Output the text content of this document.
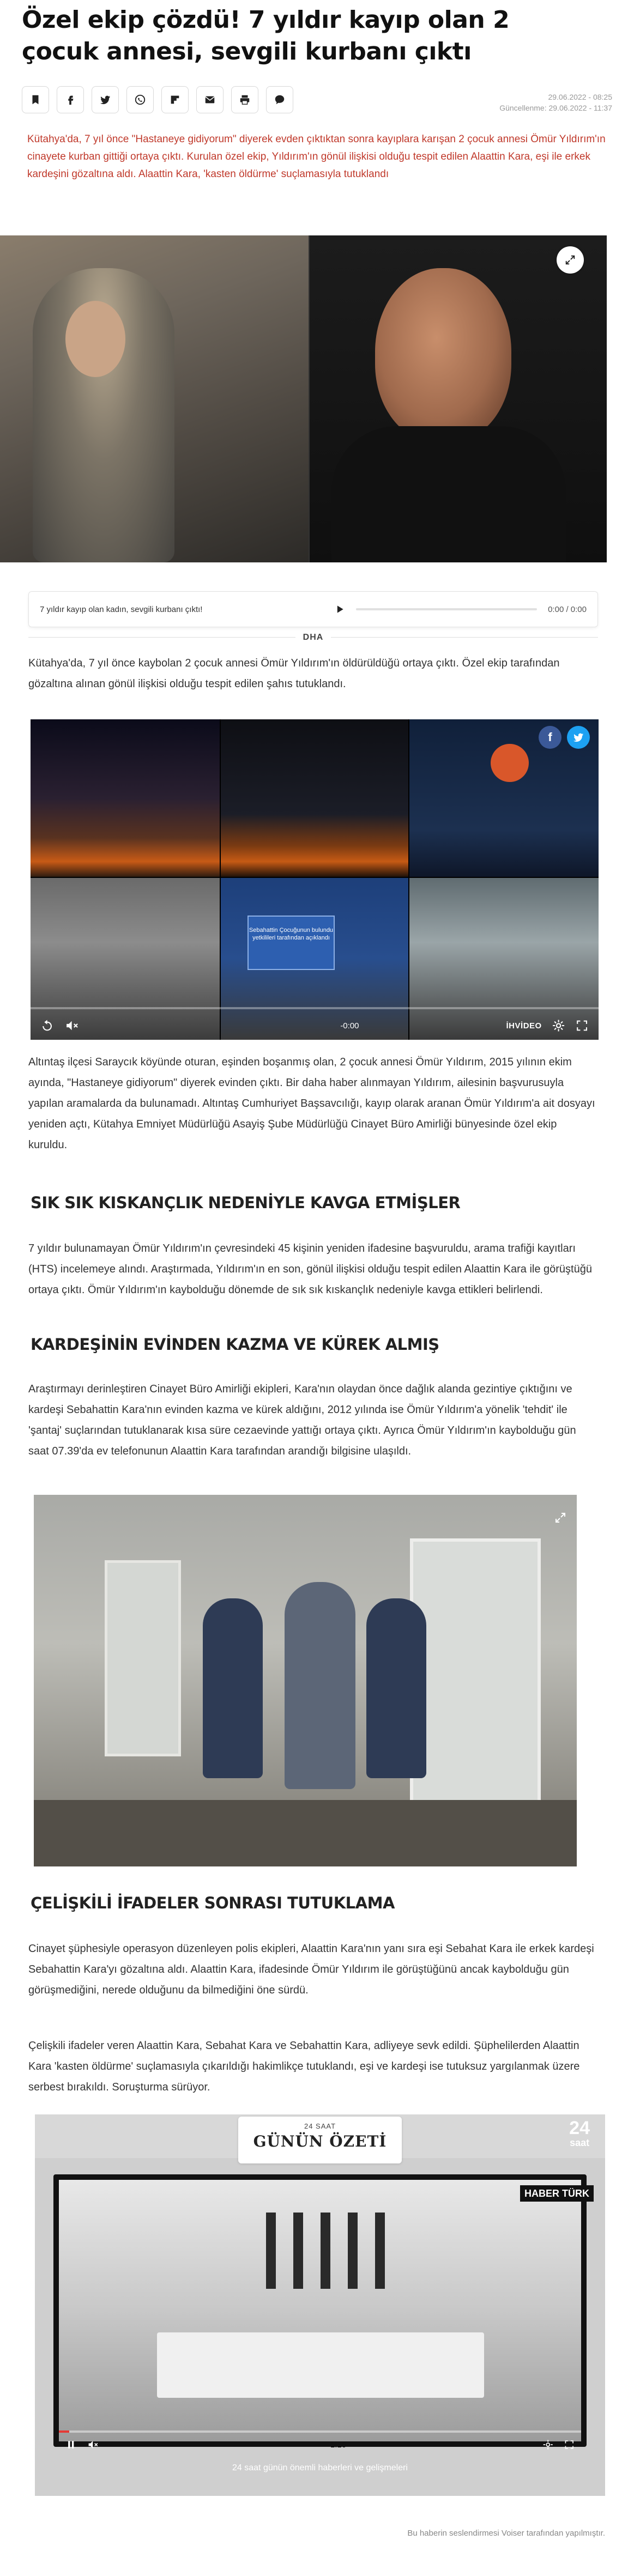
Özel ekip çözdü! 7 yıldır kayıp olan 2 çocuk annesi, sevgili kurbanı çıktı
29.06.2022 - 08:25
Güncellenme: 29.06.2022 - 11:37

Kütahya'da, 7 yıl önce "Hastaneye gidiyorum" diyerek evden çıktıktan sonra kayıplara karışan 2 çocuk annesi Ömür Yıldırım'ın cinayete kurban gittiği ortaya çıktı. Kurulan özel ekip, Yıldırım'ın gönül ilişkisi olduğu tespit edilen Alaattin Kara, eşi ile erkek kardeşini gözaltına aldı. Alaattin Kara, 'kasten öldürme' suçlamasıyla tutuklandı

7 yıldır kayıp olan kadın, sevgili kurbanı çıktı!	0:00 / 0:00
DHA

Kütahya'da, 7 yıl önce kaybolan 2 çocuk annesi Ömür Yıldırım'ın öldürüldüğü ortaya çıktı. Özel ekip tarafından gözaltına alınan gönül ilişkisi olduğu tespit edilen şahıs tutuklandı.

Sebahattin Çocuğunun bulundu yetkilileri tarafından açıklandı
f
-0:00	İHVİDEO

Altıntaş ilçesi Saraycık köyünde oturan, eşinden boşanmış olan, 2 çocuk annesi Ömür Yıldırım, 2015 yılının ekim ayında, "Hastaneye gidiyorum" diyerek evinden çıktı. Bir daha haber alınmayan Yıldırım, ailesinin başvurusuyla yapılan aramalarda da bulunamadı. Altıntaş Cumhuriyet Başsavcılığı, kayıp olarak aranan Ömür Yıldırım'a ait dosyayı yeniden açtı, Kütahya Emniyet Müdürlüğü Asayiş Şube Müdürlüğü Cinayet Büro Amirliği bünyesinde özel ekip kuruldu.

SIK SIK KISKANÇLIK NEDENİYLE KAVGA ETMİŞLER

7 yıldır bulunamayan Ömür Yıldırım'ın çevresindeki 45 kişinin yeniden ifadesine başvuruldu, arama trafiği kayıtları (HTS) incelemeye alındı. Araştırmada, Yıldırım'ın en son, gönül ilişkisi olduğu tespit edilen Alaattin Kara ile görüştüğü ortaya çıktı. Ömür Yıldırım'ın kaybolduğu dönemde de sık sık kıskançlık nedeniyle kavga ettikleri belirlendi.

KARDEŞİNİN EVİNDEN KAZMA VE KÜREK ALMIŞ

Araştırmayı derinleştiren Cinayet Büro Amirliği ekipleri, Kara'nın olaydan önce dağlık alanda gezintiye çıktığını ve kardeşi Sebahattin Kara'nın evinden kazma ve kürek aldığını, 2012 yılında ise Ömür Yıldırım'a yönelik 'tehdit' ile 'şantaj' suçlarından tutuklanarak kısa süre cezaevinde yattığı ortaya çıktı. Ayrıca Ömür Yıldırım'ın kaybolduğu gün saat 07.39'da ev telefonunun Alaattin Kara tarafından arandığı bilgisine ulaşıldı.

ÇELİŞKİLİ İFADELER SONRASI TUTUKLAMA

Cinayet şüphesiyle operasyon düzenleyen polis ekipleri, Alaattin Kara'nın yanı sıra eşi Sebahat Kara ile erkek kardeşi Sebahattin Kara'yı gözaltına aldı. Alaattin Kara, ifadesinde Ömür Yıldırım ile görüştüğünü ancak kaybolduğu gün görüşmediğini, nerede olduğunu da bilmediğini öne sürdü.

Çelişkili ifadeler veren Alaattin Kara, Sebahat Kara ve Sebahattin Kara, adliyeye sevk edildi. Şüphelilerden Alaattin Kara 'kasten öldürme' suçlamasıyla çıkarıldığı hakimlikçe tutuklandı, eşi ve kardeşi ise tutuksuz yargılanmak üzere serbest bırakıldı. Soruşturma sürüyor.

24 SAAT
GÜNÜN ÖZETİ
24
saat
HABER TÜRK
-1:10
24 saat günün önemli haberleri ve gelişmeleri
Bu haberin seslendirmesi Voiser tarafından yapılmıştır.
